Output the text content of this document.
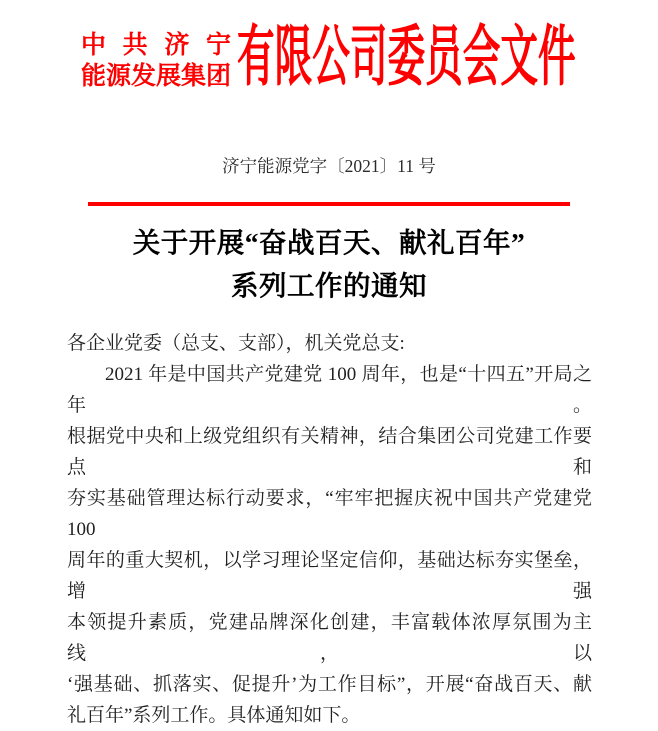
中 共 济 宁
能源发展集团 有限公司委员会文件
济宁能源党字〔2021〕11 号
关于开展“奋战百天、献礼百年”
系列工作的通知
各企业党委（总支、支部），机关党总支:
2021 年是中国共产党建党 100 周年，也是“十四五”开局之年。
根据党中央和上级党组织有关精神，结合集团公司党建工作要点和
夯实基础管理达标行动要求，“牢牢把握庆祝中国共产党建党 100
周年的重大契机，以学习理论坚定信仰，基础达标夯实堡垒，增强
本领提升素质，党建品牌深化创建，丰富载体浓厚氛围为主线，以
‘强基础、抓落实、促提升’为工作目标”，开展“奋战百天、献
礼百年”系列工作。具体通知如下。
